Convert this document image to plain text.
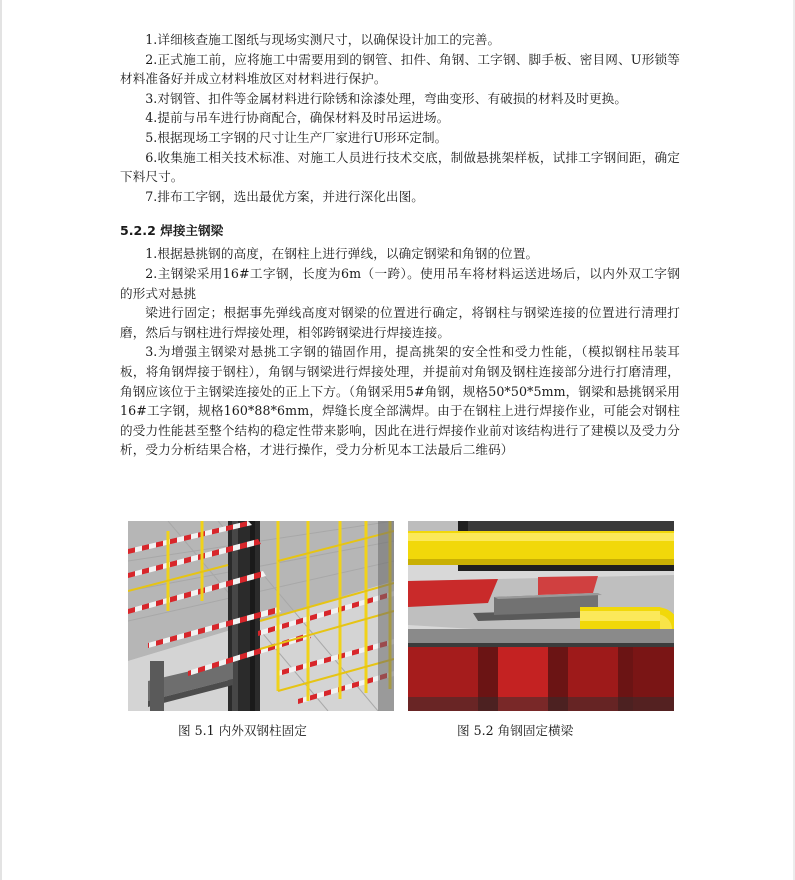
1.详细核查施工图纸与现场实测尺寸，以确保设计加工的完善。

2.正式施工前，应将施工中需要用到的钢管、扣件、角钢、工字钢、脚手板、密目网、U形锁等材料准备好并成立材料堆放区对材料进行保护。

3.对钢管、扣件等金属材料进行除锈和涂漆处理，弯曲变形、有破损的材料及时更换。

4.提前与吊车进行协商配合，确保材料及时吊运进场。

5.根据现场工字钢的尺寸让生产厂家进行U形环定制。

6.收集施工相关技术标准、对施工人员进行技术交底，制做悬挑架样板，试排工字钢间距，确定下料尺寸。

7.排布工字钢，选出最优方案，并进行深化出图。

5.2.2 焊接主钢梁

1.根据悬挑钢的高度，在钢柱上进行弹线，以确定钢梁和角钢的位置。

2.主钢梁采用16#工字钢，长度为6m（一跨）。使用吊车将材料运送进场后，以内外双工字钢的形式对悬挑

梁进行固定；根据事先弹线高度对钢梁的位置进行确定，将钢柱与钢梁连接的位置进行清理打磨，然后与钢柱进行焊接处理，相邻跨钢梁进行焊接连接。

3.为增强主钢梁对悬挑工字钢的锚固作用，提高挑架的安全性和受力性能，（模拟钢柱吊装耳板，将角钢焊接于钢柱），角钢与钢梁进行焊接处理，并提前对角钢及钢柱连接部分进行打磨清理，角钢应该位于主钢梁连接处的正上下方。（角钢采用5#角钢，规格50*50*5mm，钢梁和悬挑钢采用16#工字钢，规格160*88*6mm，焊缝长度全部满焊。由于在钢柱上进行焊接作业，可能会对钢柱的受力性能甚至整个结构的稳定性带来影响，因此在进行焊接作业前对该结构进行了建模以及受力分析，受力分析结果合格，才进行操作，受力分析见本工法最后二维码）

图 5.1 内外双钢柱固定	图 5.2 角钢固定横梁
